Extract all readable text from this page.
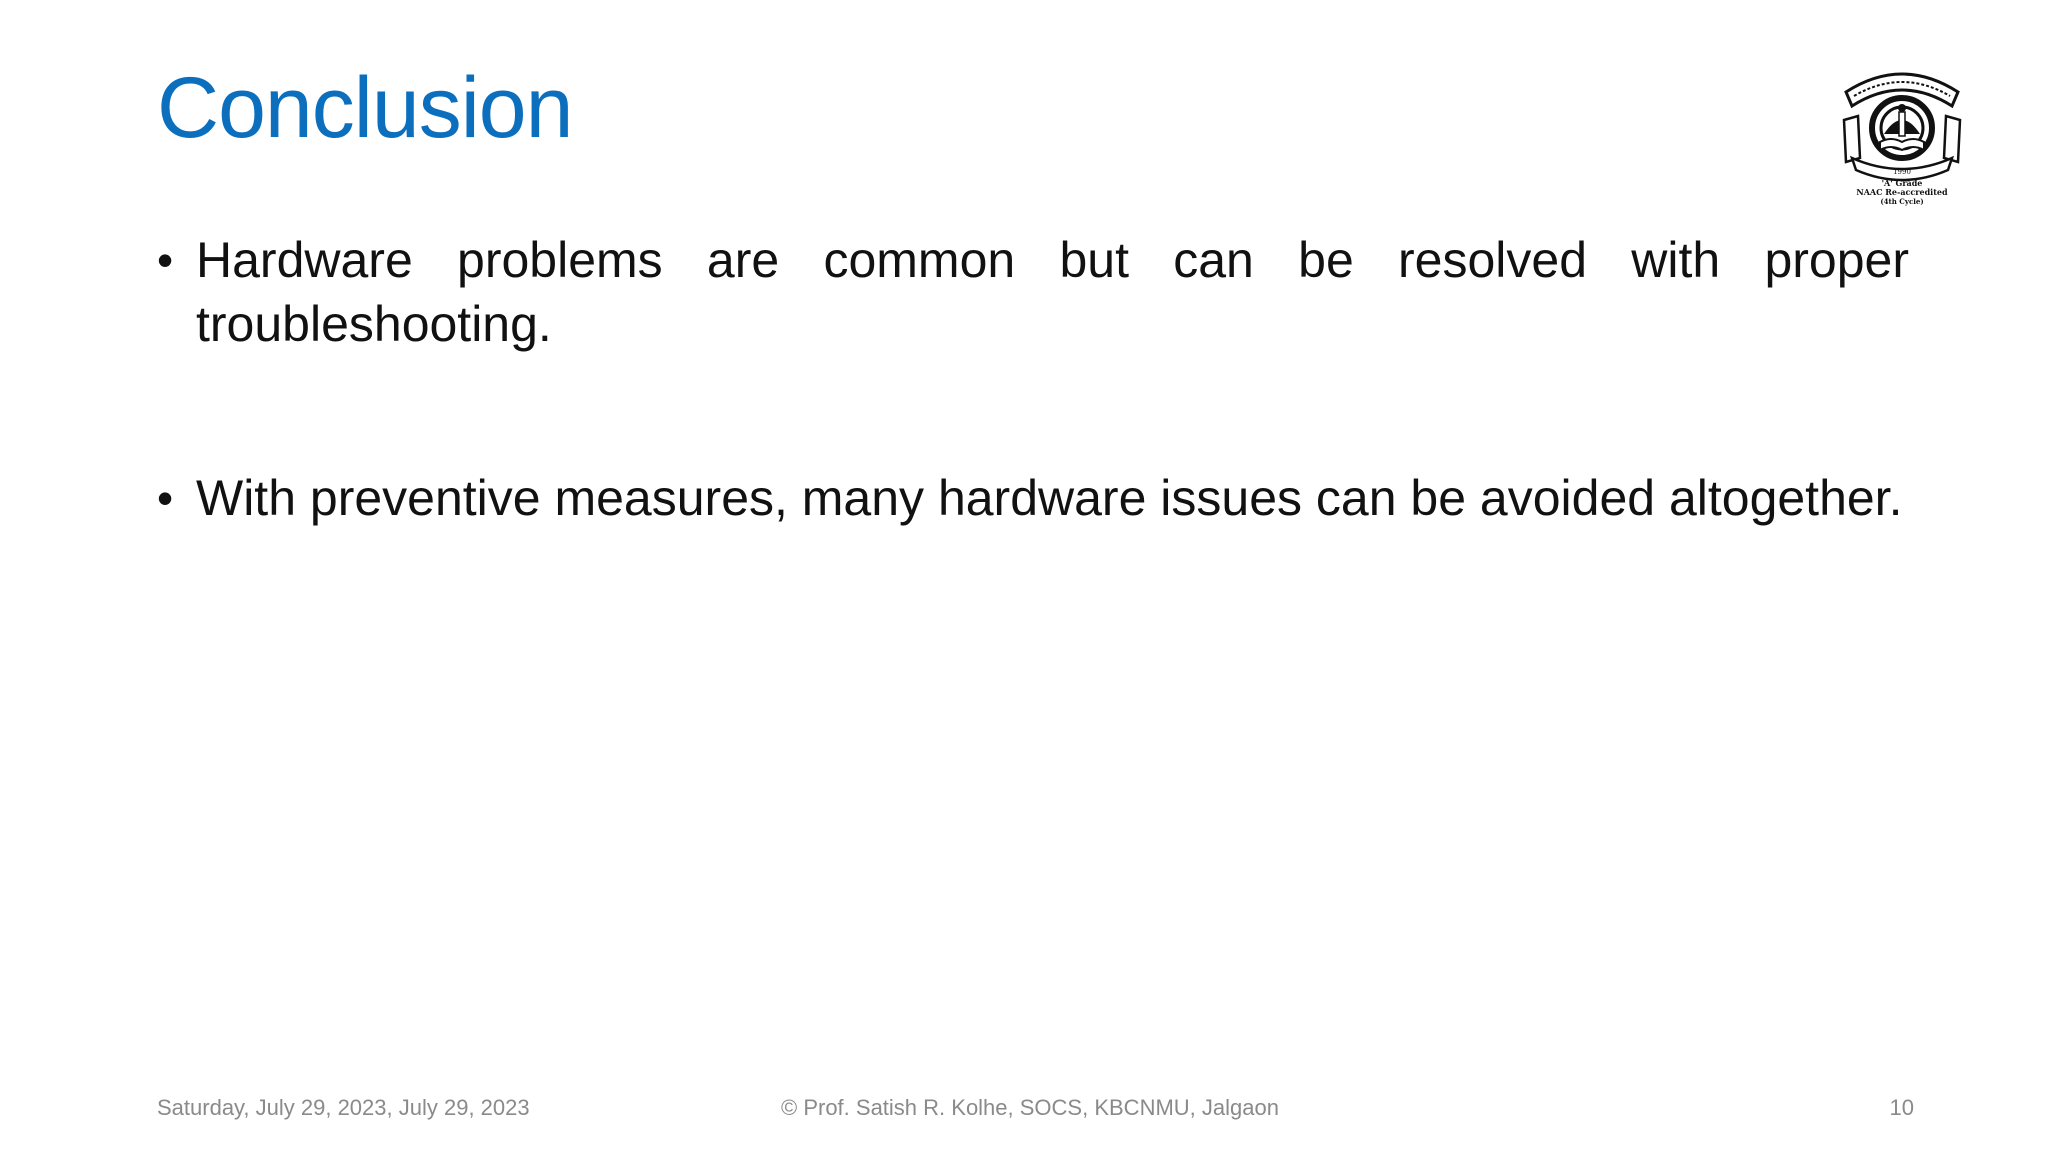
Conclusion
1990
'A' Grade
NAAC Re-accredited
(4th Cycle)
• Hardware problems are common but can be resolved with proper troubleshooting.
• With preventive measures, many hardware issues can be avoided altogether.
Saturday, July 29, 2023, July 29, 2023	© Prof. Satish R. Kolhe, SOCS, KBCNMU, Jalgaon	10
